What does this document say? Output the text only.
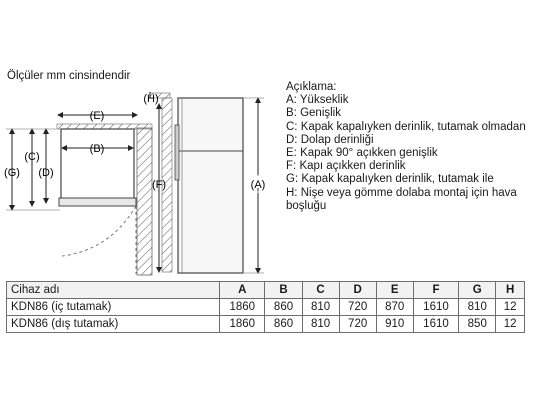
Ölçüler mm cinsindendir
(E)
(B)
(C)
(D)
(G)
(H)
(F)	(A)
Açıklama:
A: Yükseklik
B: Genişlik
C: Kapak kapalıyken derinlik, tutamak olmadan
D: Dolap derinliği
E: Kapak 90° açıkken genişlik
F: Kapı açıkken derinlik
G: Kapak kapalıyken derinlik, tutamak ile
H: Nişe veya gömme dolaba montaj için hava boşluğu
Cihaz adı	A	B	C	D	E	F	G	H
KDN86 (iç tutamak)	1860	860	810	720	870	1610	810	12
KDN86 (dış tutamak)	1860	860	810	720	910	1610	850	12
